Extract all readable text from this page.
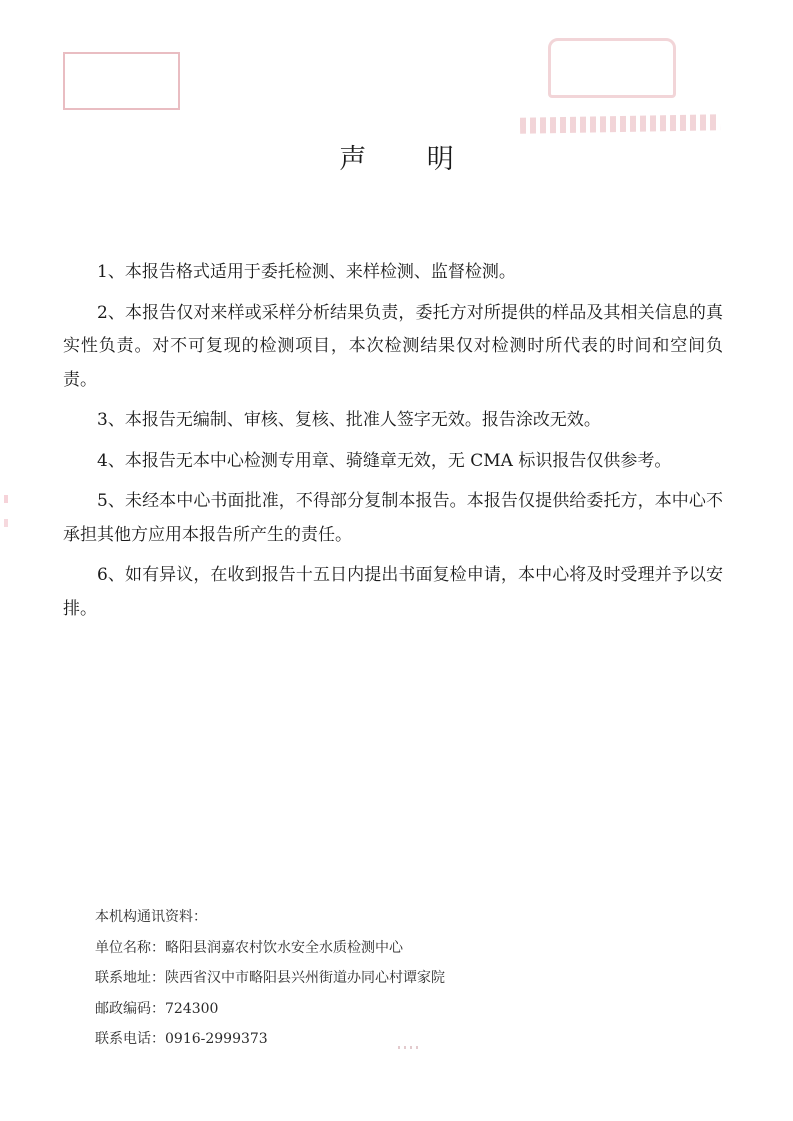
声 明

1、本报告格式适用于委托检测、来样检测、监督检测。

2、本报告仅对来样或采样分析结果负责，委托方对所提供的样品及其相关信息的真实性负责。对不可复现的检测项目，本次检测结果仅对检测时所代表的时间和空间负责。

3、本报告无编制、审核、复核、批准人签字无效。报告涂改无效。

4、本报告无本中心检测专用章、骑缝章无效，无 CMA 标识报告仅供参考。

5、未经本中心书面批准，不得部分复制本报告。本报告仅提供给委托方，本中心不承担其他方应用本报告所产生的责任。

6、如有异议，在收到报告十五日内提出书面复检申请，本中心将及时受理并予以安排。

本机构通讯资料：
单位名称：略阳县润嘉农村饮水安全水质检测中心
联系地址：陕西省汉中市略阳县兴州街道办同心村谭家院
邮政编码：724300
联系电话：0916-2999373
